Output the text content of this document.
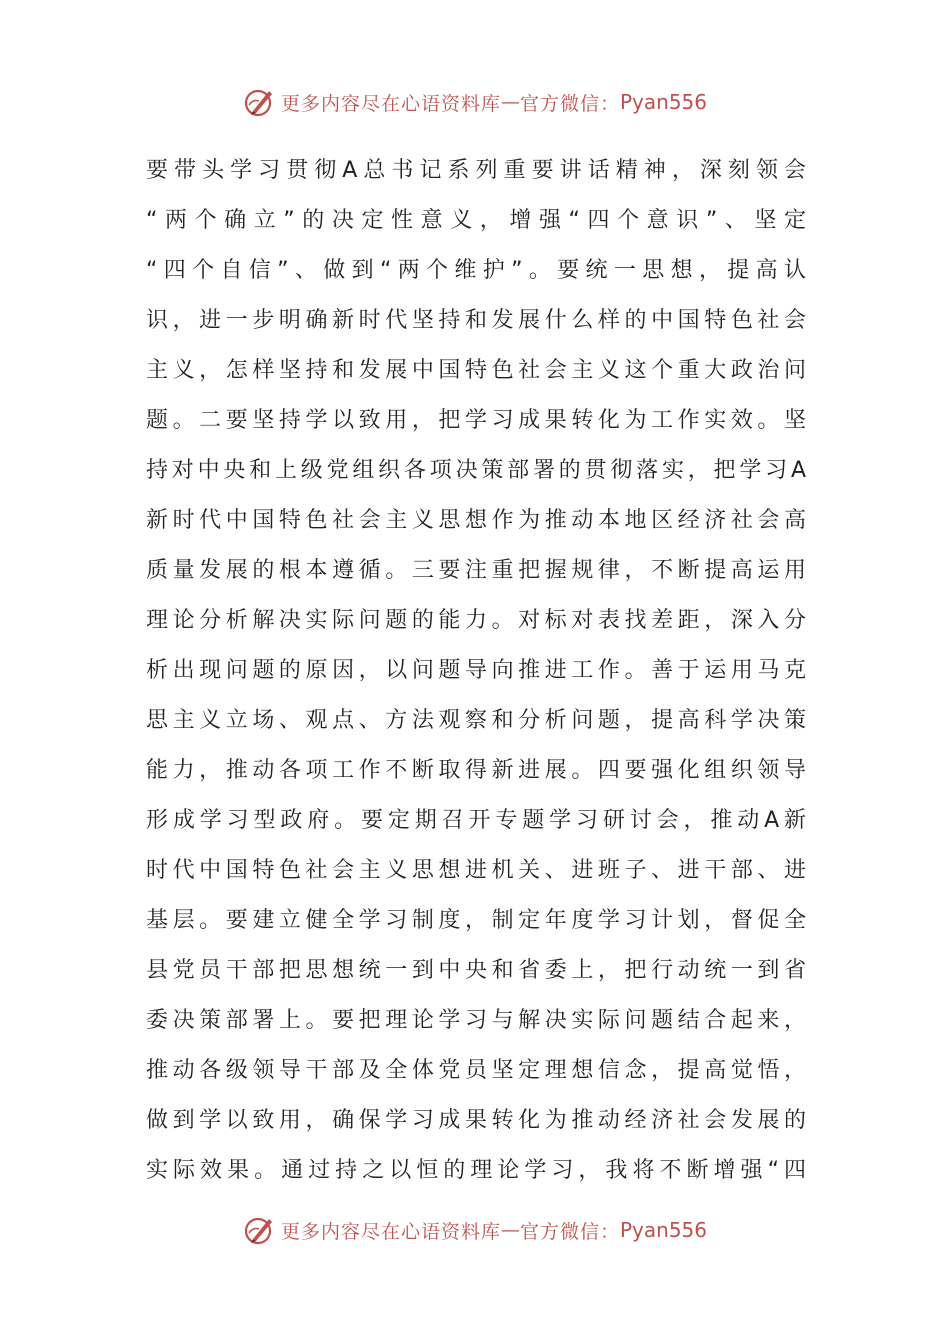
更多内容尽在心语资料库 — 官方微信： Pyan556
要带头学习贯彻A总书记系列重要讲话精神，深刻领会
“两个确立”的决定性意义，增强“四个意识”、坚定
“四个自信”、做到“两个维护”。要统一思想，提高认
识，进一步明确新时代坚持和发展什么样的中国特色社会
主义，怎样坚持和发展中国特色社会主义这个重大政治问
题。二要坚持学以致用，把学习成果转化为工作实效。坚
持对中央和上级党组织各项决策部署的贯彻落实，把学习A
新时代中国特色社会主义思想作为推动本地区经济社会高
质量发展的根本遵循。三要注重把握规律，不断提高运用
理论分析解决实际问题的能力。对标对表找差距，深入分
析出现问题的原因，以问题导向推进工作。善于运用马克
思主义立场、观点、方法观察和分析问题，提高科学决策
能力，推动各项工作不断取得新进展。四要强化组织领导
形成学习型政府。要定期召开专题学习研讨会，推动A新
时代中国特色社会主义思想进机关、进班子、进干部、进
基层。要建立健全学习制度，制定年度学习计划，督促全
县党员干部把思想统一到中央和省委上，把行动统一到省
委决策部署上。要把理论学习与解决实际问题结合起来，
推动各级领导干部及全体党员坚定理想信念，提高觉悟，
做到学以致用，确保学习成果转化为推动经济社会发展的
实际效果。通过持之以恒的理论学习，我将不断增强“四
更多内容尽在心语资料库 — 官方微信： Pyan556
